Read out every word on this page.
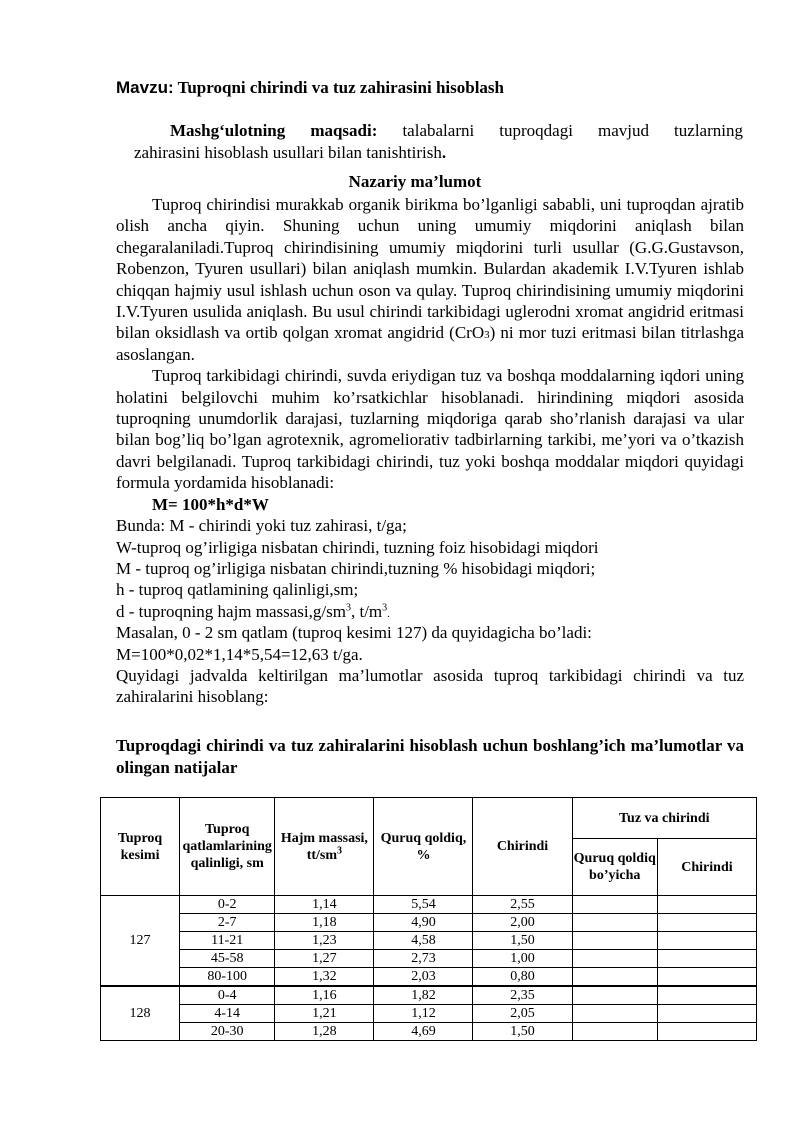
Mavzu: Tuproqni chirindi va tuz zahirasini hisoblash
Mashg‘ulotning maqsadi: talabalarni tuproqdagi mavjud tuzlarning
zahirasini hisoblash usullari bilan tanishtirish.
Nazariy ma’lumot

Tuproq chirindisi murakkab organik birikma bo’lganligi sababli, uni tuproqdan ajratib olish ancha qiyin. Shuning uchun uning umumiy miqdorini aniqlash bilan chegaralaniladi.Tuproq chirindisining umumiy miqdorini turli usullar (G.G.Gustavson, Robenzon, Tyuren usullari) bilan aniqlash mumkin. Bulardan akademik I.V.Tyuren ishlab chiqqan hajmiy usul ishlash uchun oson va qulay. Tuproq chirindisining umumiy miqdorini I.V.Tyuren usulida aniqlash. Bu usul chirindi tarkibidagi uglerodni xromat angidrid eritmasi bilan oksidlash va ortib qolgan xromat angidrid (CrO3) ni mor tuzi eritmasi bilan titrlashga asoslangan.

Tuproq tarkibidagi chirindi, suvda eriydigan tuz va boshqa moddalarning iqdori uning holatini belgilovchi muhim ko’rsatkichlar hisoblanadi. hirindining miqdori asosida tuproqning unumdorlik darajasi, tuzlarning miqdoriga qarab sho’rlanish darajasi va ular bilan bog’liq bo’lgan agrotexnik, agromeliorativ tadbirlarning tarkibi, me’yori va o’tkazish davri belgilanadi. Tuproq tarkibidagi chirindi, tuz yoki boshqa moddalar miqdori quyidagi formula yordamida hisoblanadi:

M= 100*h*d*W

Bunda: M - chirindi yoki tuz zahirasi, t/ga;
W-tuproq og’irligiga nisbatan chirindi, tuzning foiz hisobidagi miqdori
M - tuproq og’irligiga nisbatan chirindi,tuzning % hisobidagi miqdori;
h - tuproq qatlamining qalinligi,sm;
d - tuproqning hajm $massasi,g/sm^3$, $t/m^3$.
Masalan, 0 - 2 sm qatlam (tuproq kesimi 127) da quyidagicha bo’ladi:
M=100*0,02*1,14*5,54=12,63 t/ga.

Quyidagi jadvalda keltirilgan ma’lumotlar asosida tuproq tarkibidagi chirindi va tuz zahiralarini hisoblang:

Tuproqdagi chirindi va tuz zahiralarini hisoblash uchun boshlang’ich ma’lumotlar va olingan natijalar
Tuproq kesimi	Tuproq qatlamlarining qalinligi, sm	Hajm massasi, $tt/sm^3$	Quruq qoldiq, %	Chirindi	Tuz va chirindi	
					Quruq qoldiq bo’yicha	Chirindi
127	0-2	1,14	5,54	2,55		
	2-7	1,18	4,90	2,00		
	11-21	1,23	4,58	1,50		
	45-58	1,27	2,73	1,00		
	80-100	1,32	2,03	0,80		
128	0-4	1,16	1,82	2,35		
	4-14	1,21	1,12	2,05		
	20-30	1,28	4,69	1,50		
